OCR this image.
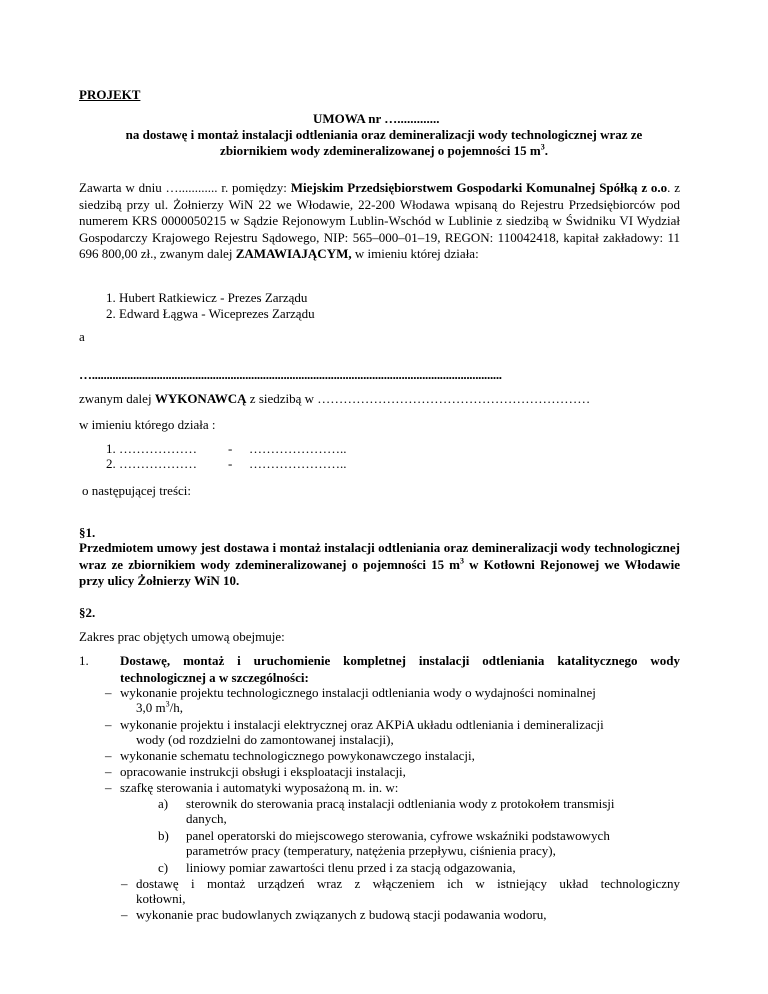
PROJEKT
UMOWA nr ….............
na dostawę i montaż instalacji odtleniania oraz demineralizacji wody technologicznej wraz ze
zbiornikiem wody zdemineralizowanej o pojemności 15 $m^3$.
Zawarta w dniu …............ r. pomiędzy: Miejskim Przedsiębiorstwem Gospodarki Komunalnej Spółką z o.o. z siedzibą przy ul. Żołnierzy WiN 22 we Włodawie, 22-200 Włodawa wpisaną do Rejestru Przedsiębiorców pod numerem KRS 0000050215 w Sądzie Rejonowym Lublin-Wschód w Lublinie z siedzibą w Świdniku VI Wydział Gospodarczy Krajowego Rejestru Sądowego, NIP: 565–000–01–19, REGON: 110042418, kapitał zakładowy: 11 696 800,00 zł., zwanym dalej ZAMAWIAJĄCYM, w imieniu której działa:
1. Hubert Ratkiewicz - Prezes Zarządu
2. Edward Łągwa - Wiceprezes Zarządu
a
…...........................................................................................................................................
zwanym dalej WYKONAWCĄ z siedzibą w ………………………………………………………
w imieniu którego działa :
1. ……………… - …………………..
2. ……………… - …………………..
o następującej treści:
§1.
Przedmiotem umowy jest dostawa i montaż instalacji odtleniania oraz demineralizacji wody technologicznej wraz ze zbiornikiem wody zdemineralizowanej o pojemności 15 $m^3$ w Kotłowni Rejonowej we Włodawie przy ulicy Żołnierzy WiN 10.
§2.
Zakres prac objętych umową obejmuje:
1. Dostawę, montaż i uruchomienie kompletnej instalacji odtleniania katalitycznego wody technologicznej a w szczególności:
– wykonanie projektu technologicznego instalacji odtleniania wody o wydajności nominalnej
3,0 $m^3/h$,
– wykonanie projektu i instalacji elektrycznej oraz AKPiA układu odtleniania i demineralizacji
wody (od rozdzielni do zamontowanej instalacji),
– wykonanie schematu technologicznego powykonawczego instalacji,
– opracowanie instrukcji obsługi i eksploatacji instalacji,
– szafkę sterowania i automatyki wyposażoną m. in. w:
a) sterownik do sterowania pracą instalacji odtleniania wody z protokołem transmisji
danych,
b) panel operatorski do miejscowego sterowania, cyfrowe wskaźniki podstawowych
parametrów pracy (temperatury, natężenia przepływu, ciśnienia pracy),
c) liniowy pomiar zawartości tlenu przed i za stacją odgazowania,
– dostawę i montaż urządzeń wraz z włączeniem ich w istniejący układ technologiczny
kotłowni,
– wykonanie prac budowlanych związanych z budową stacji podawania wodoru,
